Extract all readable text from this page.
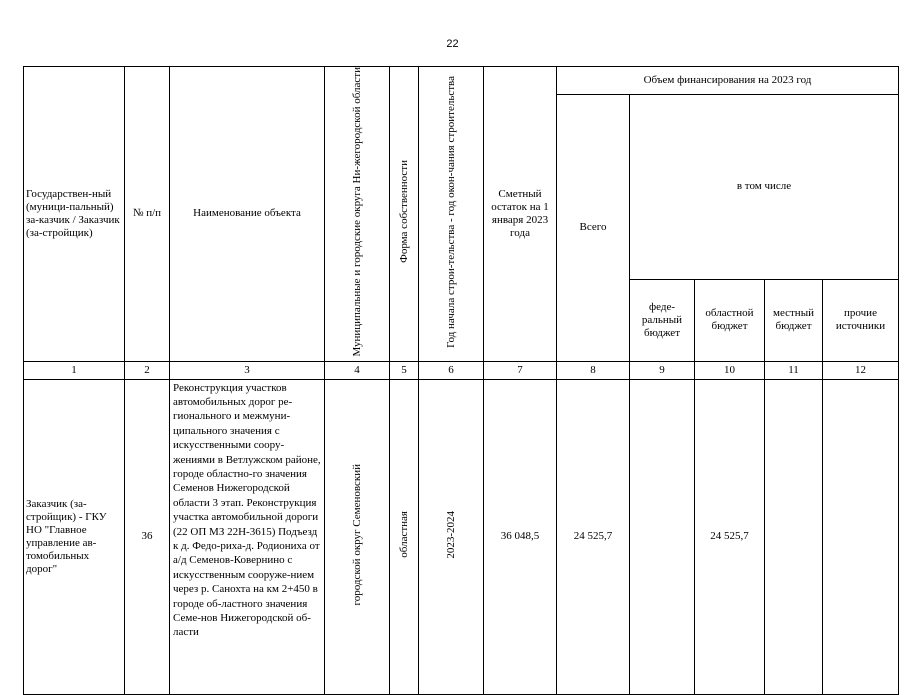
22
Государствен-ный (муници-пальный) за-казчик / Заказчик (за-стройщик)	№ п/п	Наименование объекта	Муниципальные и городские округа Ни-жегородской области	Форма собственности	Год начала строи-тельства - год окон-чания строительства	Сметный остаток на 1 января 2023 года	Объем финансирования на 2023 год				
							Всего	в том числе			
								феде-ральный бюджет	областной бюджет	местный бюджет	прочие источники
1	2	3	4	5	6	7	8	9	10	11	12
Заказчик (за-стройщик) - ГКУ НО "Главное управление ав-томобильных дорог"	36	Реконструкция участков автомобильных дорог ре-гионального и межмуни-ципального значения с искусственными соору-жениями в Ветлужском районе, городе областно-го значения Семенов Нижегородской области 3 этап. Реконструкция участка автомобильной дороги (22 ОП МЗ 22Н-3615) Подъезд к д. Федо-риха-д. Родиониха от а/д Семенов-Ковернино с искусственным сооруже-нием через р. Санохта на км 2+450 в городе об-ластного значения Семе-нов Нижегородской об-ласти	городской округ Семеновский	областная	2023-2024	36 048,5	24 525,7		24 525,7		
